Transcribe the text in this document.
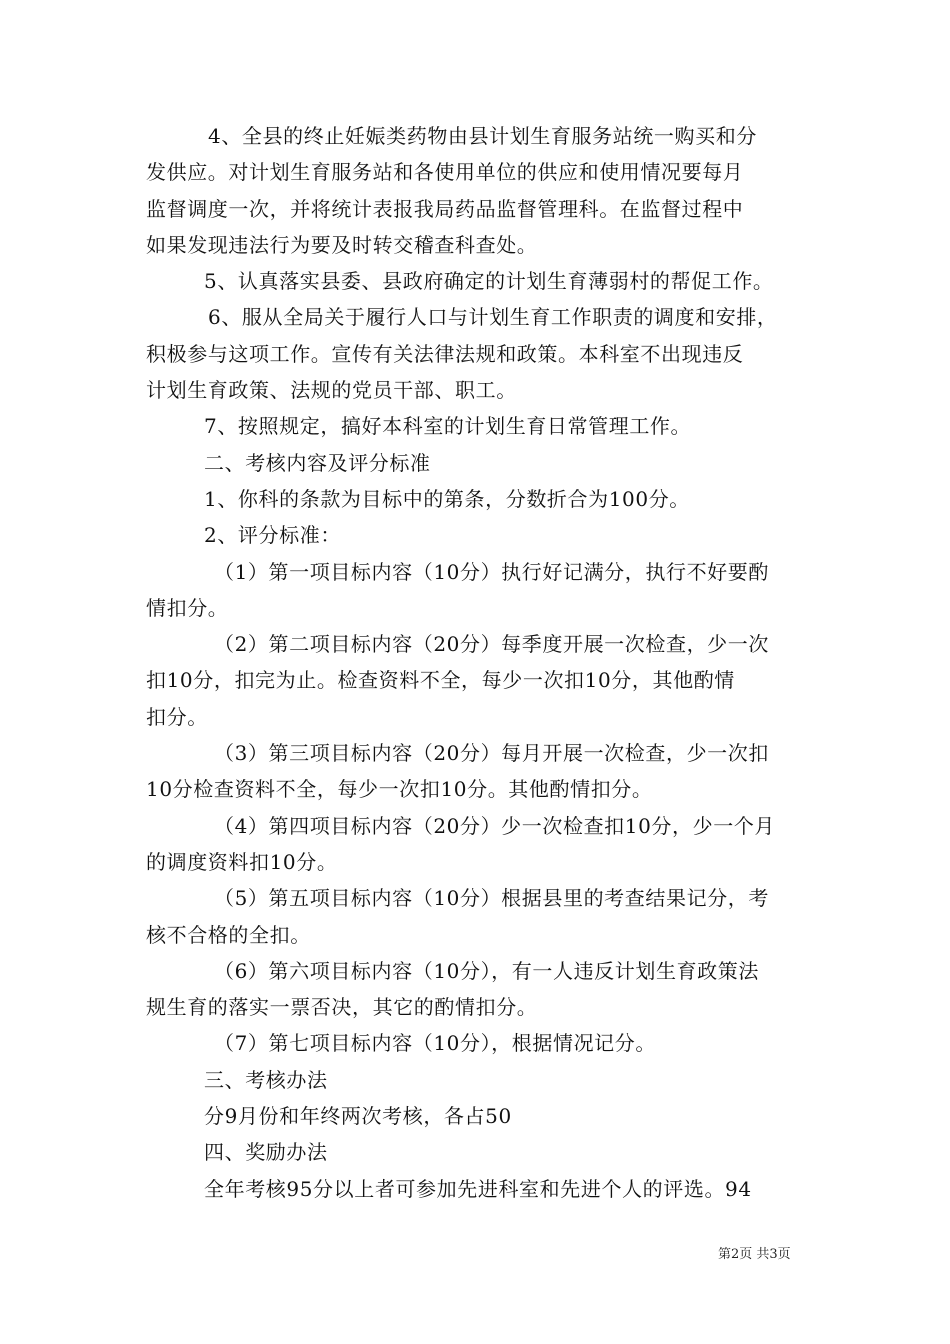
4、全县的终止妊娠类药物由县计划生育服务站统一购买和分
发供应。对计划生育服务站和各使用单位的供应和使用情况要每月
监督调度一次，并将统计表报我局药品监督管理科。在监督过程中
如果发现违法行为要及时转交稽查科查处。
5、认真落实县委、县政府确定的计划生育薄弱村的帮促工作。
6、服从全局关于履行人口与计划生育工作职责的调度和安排，
积极参与这项工作。宣传有关法律法规和政策。本科室不出现违反
计划生育政策、法规的党员干部、职工。
7、按照规定，搞好本科室的计划生育日常管理工作。
二、考核内容及评分标准
1、你科的条款为目标中的第条，分数折合为100分。
2、评分标准：
（1）第一项目标内容（10分）执行好记满分，执行不好要酌
情扣分。
（2）第二项目标内容（20分）每季度开展一次检查，少一次
扣10分，扣完为止。检查资料不全，每少一次扣10分，其他酌情
扣分。
（3）第三项目标内容（20分）每月开展一次检查，少一次扣
10分检查资料不全，每少一次扣10分。其他酌情扣分。
（4）第四项目标内容（20分）少一次检查扣10分，少一个月
的调度资料扣10分。
（5）第五项目标内容（10分）根据县里的考查结果记分，考
核不合格的全扣。
（6）第六项目标内容（10分），有一人违反计划生育政策法
规生育的落实一票否决，其它的酌情扣分。
（7）第七项目标内容（10分），根据情况记分。
三、考核办法
分9月份和年终两次考核，各占50
四、奖励办法
全年考核95分以上者可参加先进科室和先进个人的评选。94
第2页 共3页
